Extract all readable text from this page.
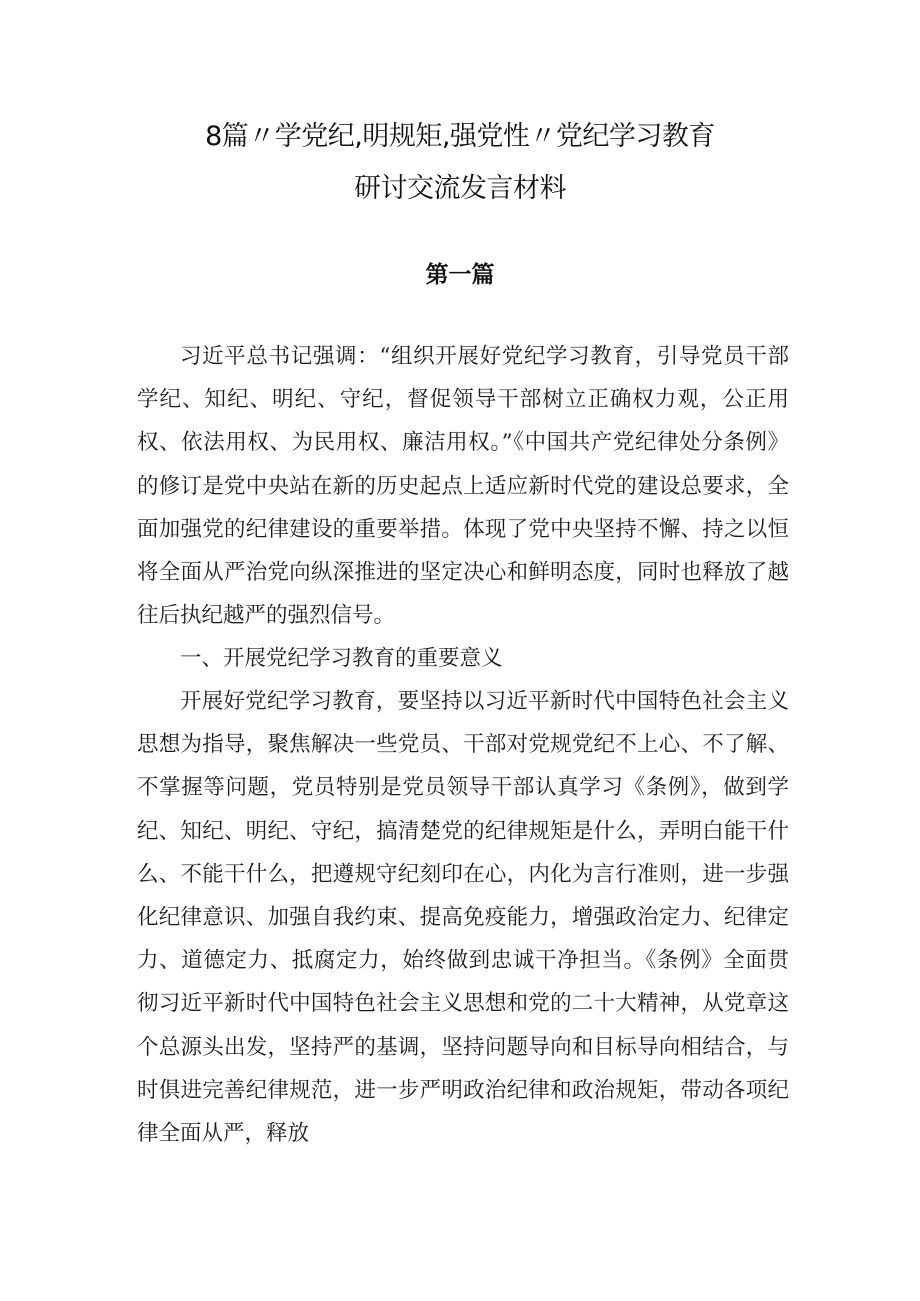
8篇〃学党纪,明规矩,强党性〃党纪学习教育
研讨交流发言材料
第一篇

习近平总书记强调：“组织开展好党纪学习教育，引导党员干部学纪、知纪、明纪、守纪，督促领导干部树立正确权力观，公正用权、依法用权、为民用权、廉洁用权。”《中国共产党纪律处分条例》的修订是党中央站在新的历史起点上适应新时代党的建设总要求，全面加强党的纪律建设的重要举措。体现了党中央坚持不懈、持之以恒将全面从严治党向纵深推进的坚定决心和鲜明态度，同时也释放了越往后执纪越严的强烈信号。

一、开展党纪学习教育的重要意义

开展好党纪学习教育，要坚持以习近平新时代中国特色社会主义思想为指导，聚焦解决一些党员、干部对党规党纪不上心、不了解、不掌握等问题，党员特别是党员领导干部认真学习《条例》，做到学纪、知纪、明纪、守纪，搞清楚党的纪律规矩是什么，弄明白能干什么、不能干什么，把遵规守纪刻印在心，内化为言行准则，进一步强化纪律意识、加强自我约束、提高免疫能力，增强政治定力、纪律定力、道德定力、抵腐定力，始终做到忠诚干净担当。《条例》全面贯彻习近平新时代中国特色社会主义思想和党的二十大精神，从党章这个总源头出发，坚持严的基调，坚持问题导向和目标导向相结合，与时俱进完善纪律规范，进一步严明政治纪律和政治规矩，带动各项纪律全面从严，释放
